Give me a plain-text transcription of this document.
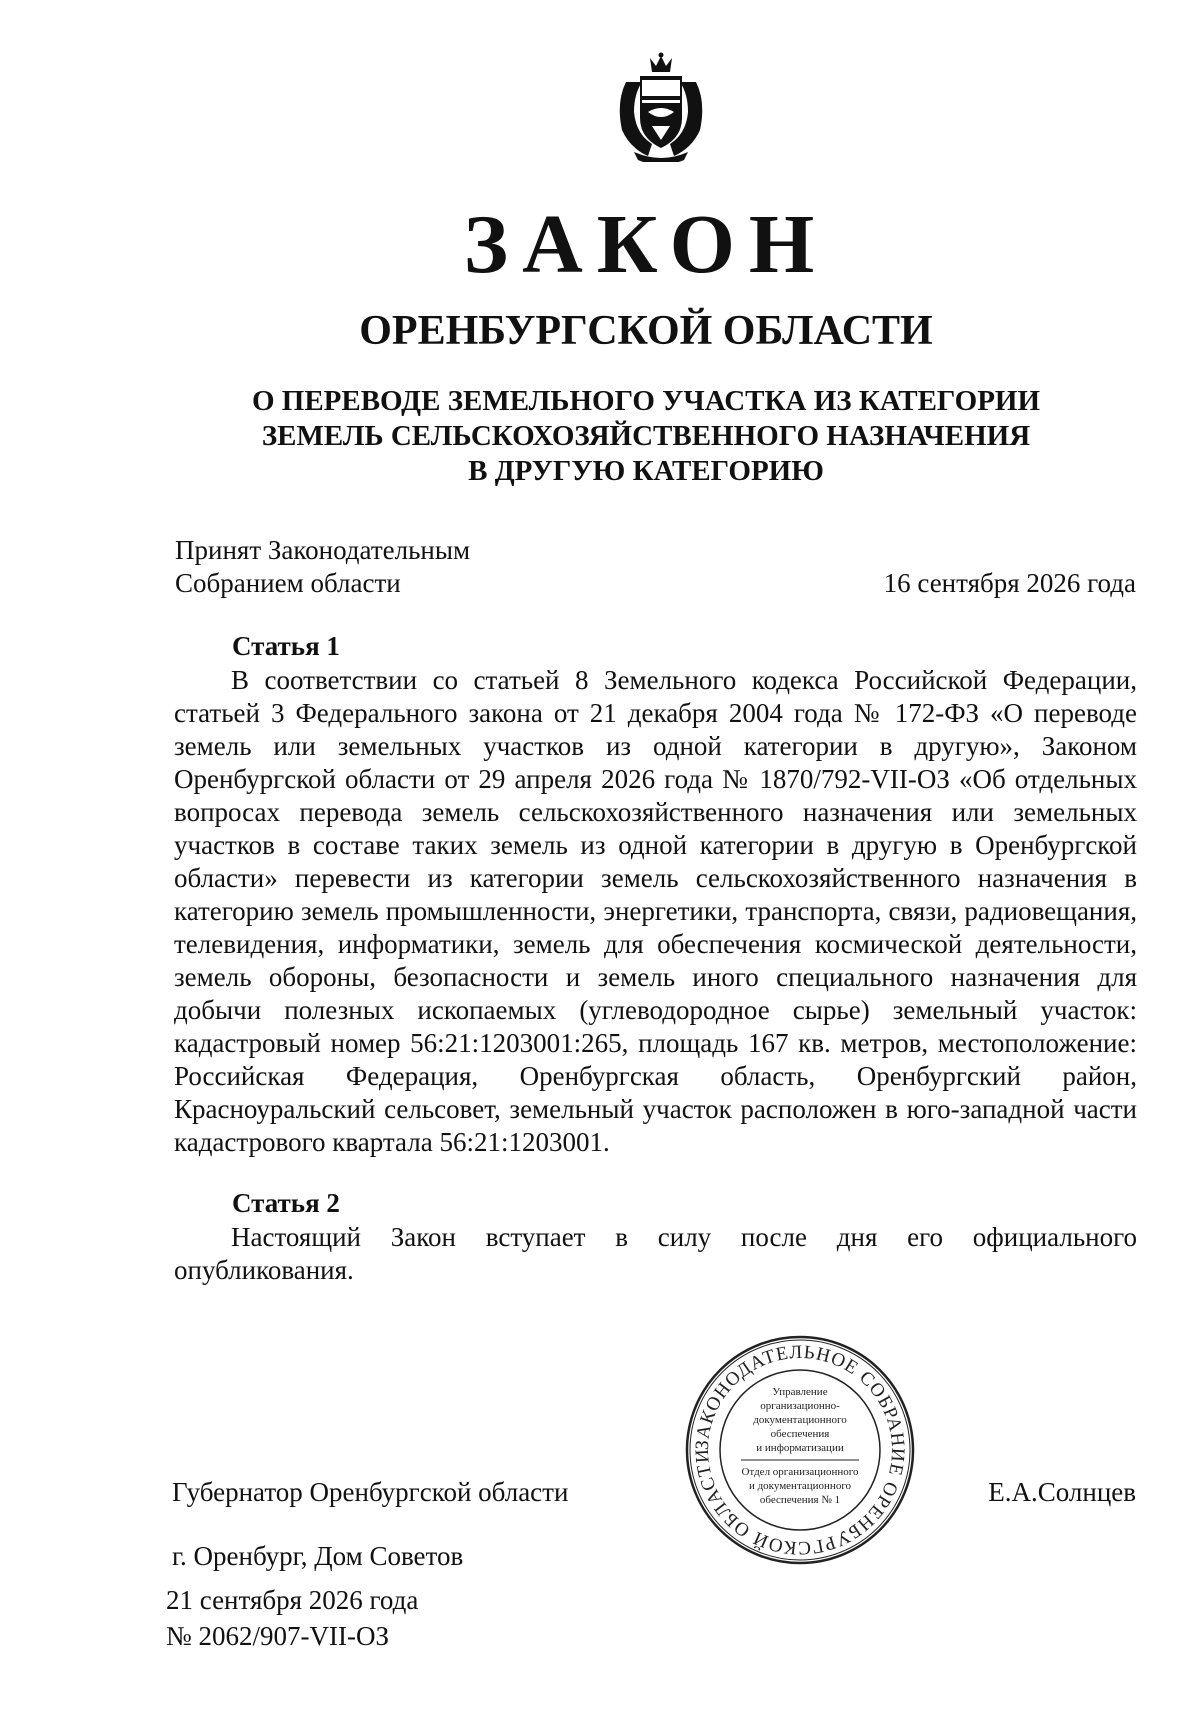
ЗАКОН
ОРЕНБУРГСКОЙ ОБЛАСТИ
О ПЕРЕВОДЕ ЗЕМЕЛЬНОГО УЧАСТКА ИЗ КАТЕГОРИИ
ЗЕМЕЛЬ СЕЛЬСКОХОЗЯЙСТВЕННОГО НАЗНАЧЕНИЯ
В ДРУГУЮ КАТЕГОРИЮ
Принят Законодательным
Собранием области	16 сентября 2026 года
Статья 1
В соответствии со статьей 8 Земельного кодекса Российской Федерации, статьей 3 Федерального закона от 21 декабря 2004 года № 172-ФЗ «О переводе земель или земельных участков из одной категории в другую», Законом Оренбургской области от 29 апреля 2026 года № 1870/792-VII-ОЗ «Об отдельных вопросах перевода земель сельскохозяйственного назначения или земельных участков в составе таких земель из одной категории в другую в Оренбургской области» перевести из категории земель сельскохозяйственного назначения в категорию земель промышленности, энергетики, транспорта, связи, радиовещания, телевидения, информатики, земель для обеспечения космической деятельности, земель обороны, безопасности и земель иного специального назначения для добычи полезных ископаемых (углеводородное сырье) земельный участок: кадастровый номер 56:21:1203001:265, площадь 167 кв. метров, местоположение: Российская Федерация, Оренбургская область, Оренбургский район, Красноуральский сельсовет, земельный участок расположен в юго-западной части кадастрового квартала 56:21:1203001.
Статья 2
Настоящий Закон вступает в силу после дня его официального опубликования.
Губернатор Оренбургской области	Е.А.Солнцев
г. Оренбург, Дом Советов
21 сентября 2026 года
№ 2062/907-VII-ОЗ
ЗАКОНОДАТЕЛЬНОЕ СОБРАНИЕ ОРЕНБУРГСКОЙ ОБЛАСТИ
Управление
организационно-
документационного
обеспечения
и информатизации
Отдел организационного
и документационного
обеспечения № 1
